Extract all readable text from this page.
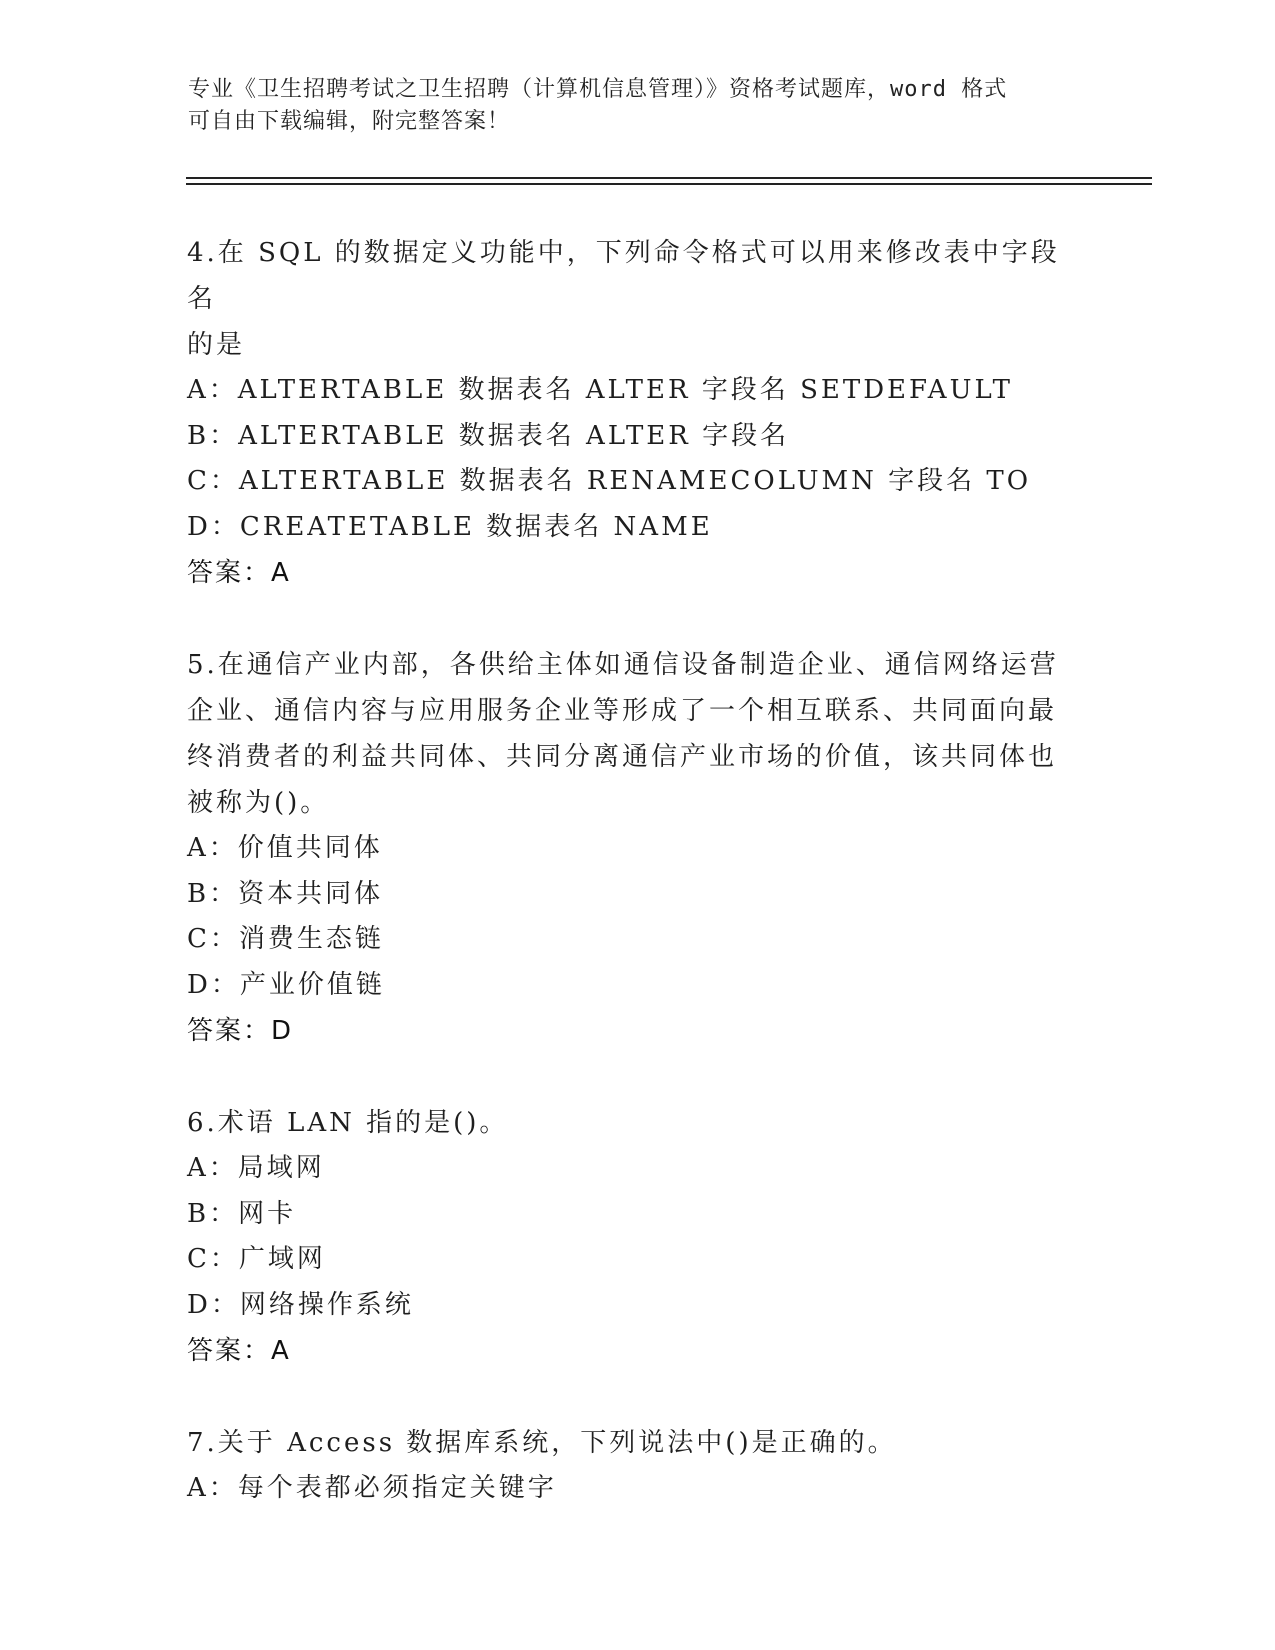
专业《卫生招聘考试之卫生招聘（计算机信息管理）》资格考试题库，word 格式
可自由下载编辑，附完整答案！
4.在 SQL 的数据定义功能中，下列命令格式可以用来修改表中字段名
的是
A：ALTERTABLE 数据表名 ALTER 字段名 SETDEFAULT
B：ALTERTABLE 数据表名 ALTER 字段名
C：ALTERTABLE 数据表名 RENAMECOLUMN 字段名 TO
D：CREATETABLE 数据表名 NAME
答案：A
5.在通信产业内部，各供给主体如通信设备制造企业、通信网络运营
企业、通信内容与应用服务企业等形成了一个相互联系、共同面向最
终消费者的利益共同体、共同分离通信产业市场的价值，该共同体也
被称为()。
A：价值共同体
B：资本共同体
C：消费生态链
D：产业价值链
答案：D
6.术语 LAN 指的是()。
A：局域网
B：网卡
C：广域网
D：网络操作系统
答案：A
7.关于 Access 数据库系统，下列说法中()是正确的。
A：每个表都必须指定关键字
